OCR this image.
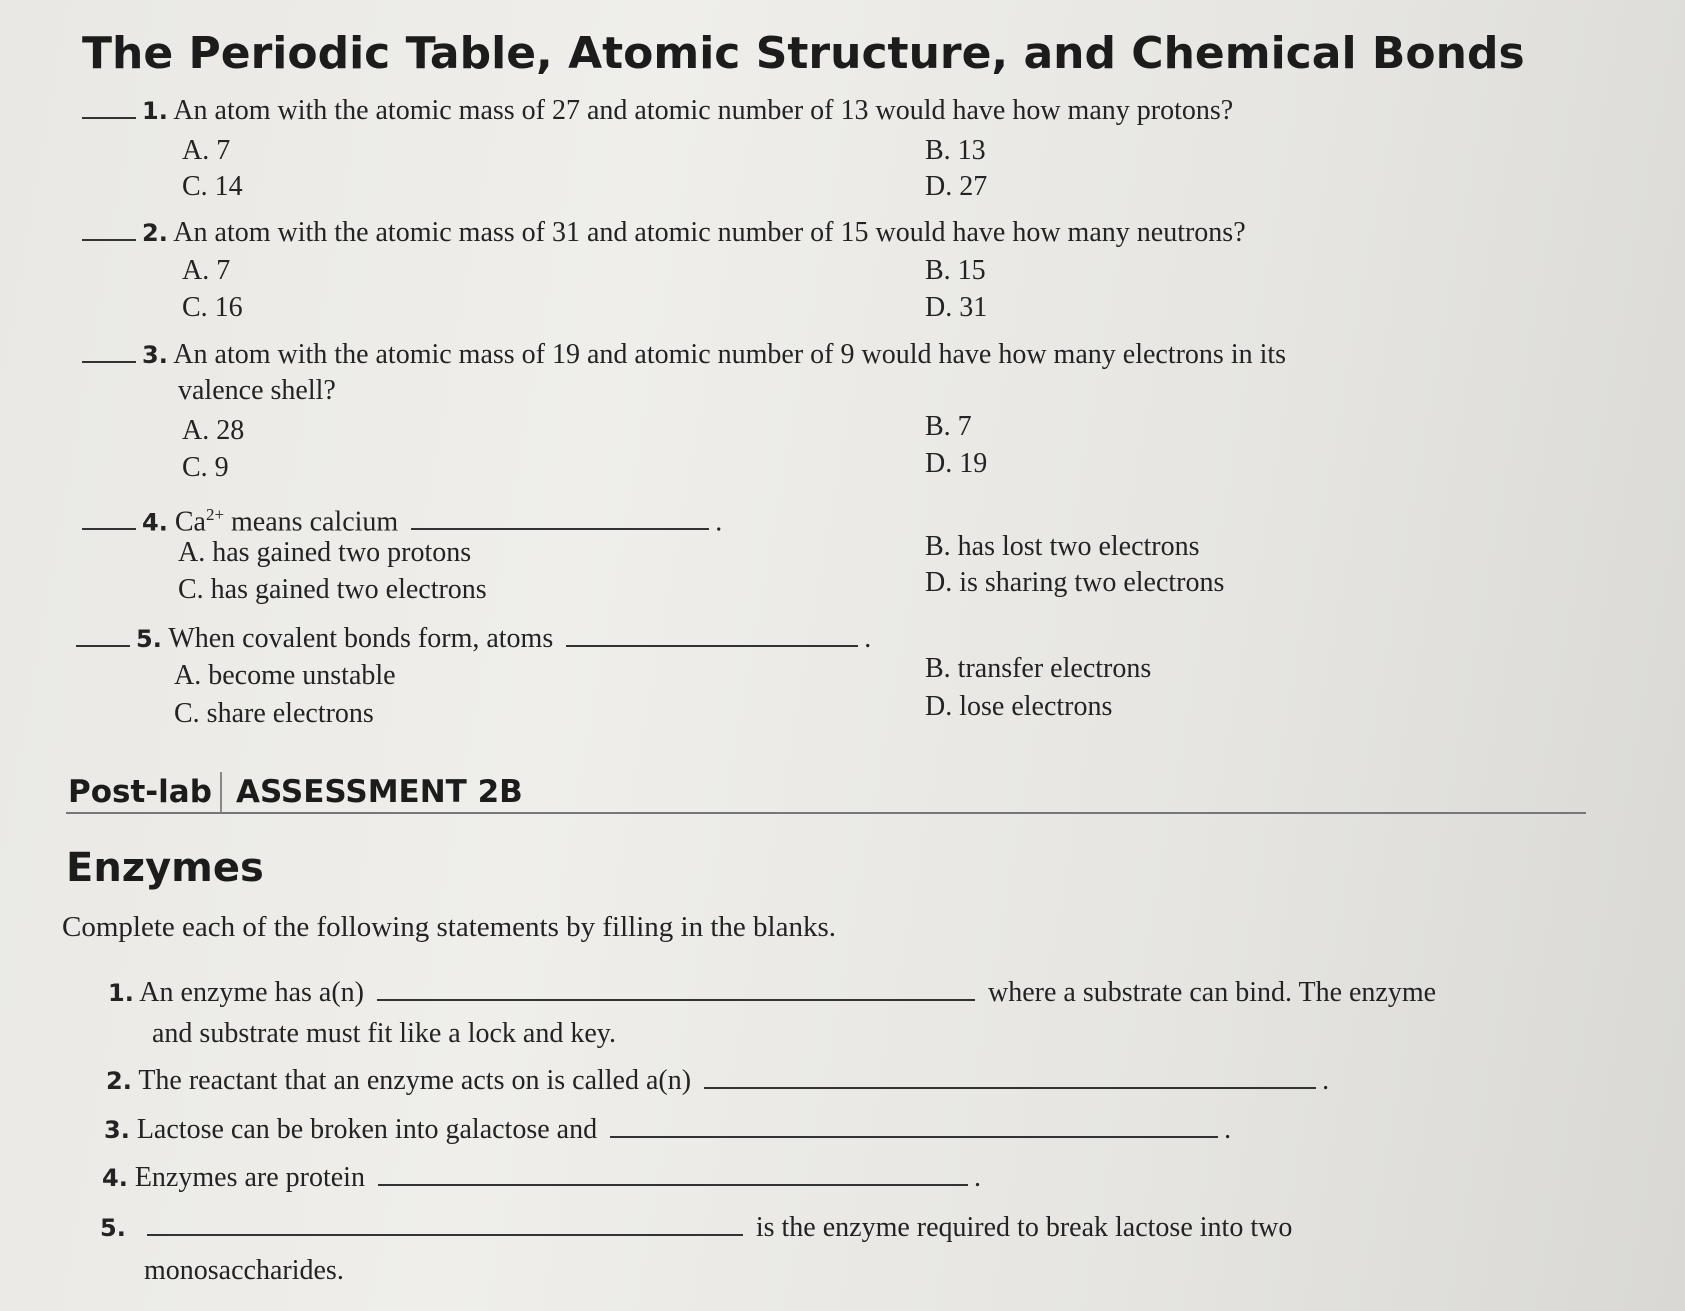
The Periodic Table, Atomic Structure, and Chemical Bonds
1. An atom with the atomic mass of 27 and atomic number of 13 would have how many protons?
A. 7	B. 13
C. 14	D. 27
2. An atom with the atomic mass of 31 and atomic number of 15 would have how many neutrons?
A. 7	B. 15
C. 16	D. 31
3. An atom with the atomic mass of 19 and atomic number of 9 would have how many electrons in its
valence shell?
A. 28	B. 7
C. 9	D. 19
4. $Ca^{2+}$ means calcium	.
A. has gained two protons	B. has lost two electrons
C. has gained two electrons	D. is sharing two electrons
5. When covalent bonds form, atoms	.
A. become unstable	B. transfer electrons
C. share electrons	D. lose electrons
Post-lab ASSESSMENT 2B
Enzymes
Complete each of the following statements by filling in the blanks.
1. An enzyme has a(n)	where a substrate can bind. The enzyme
and substrate must fit like a lock and key.
2. The reactant that an enzyme acts on is called a(n)	.
3. Lactose can be broken into galactose and	.
4. Enzymes are protein	.
5.	is the enzyme required to break lactose into two
monosaccharides.
